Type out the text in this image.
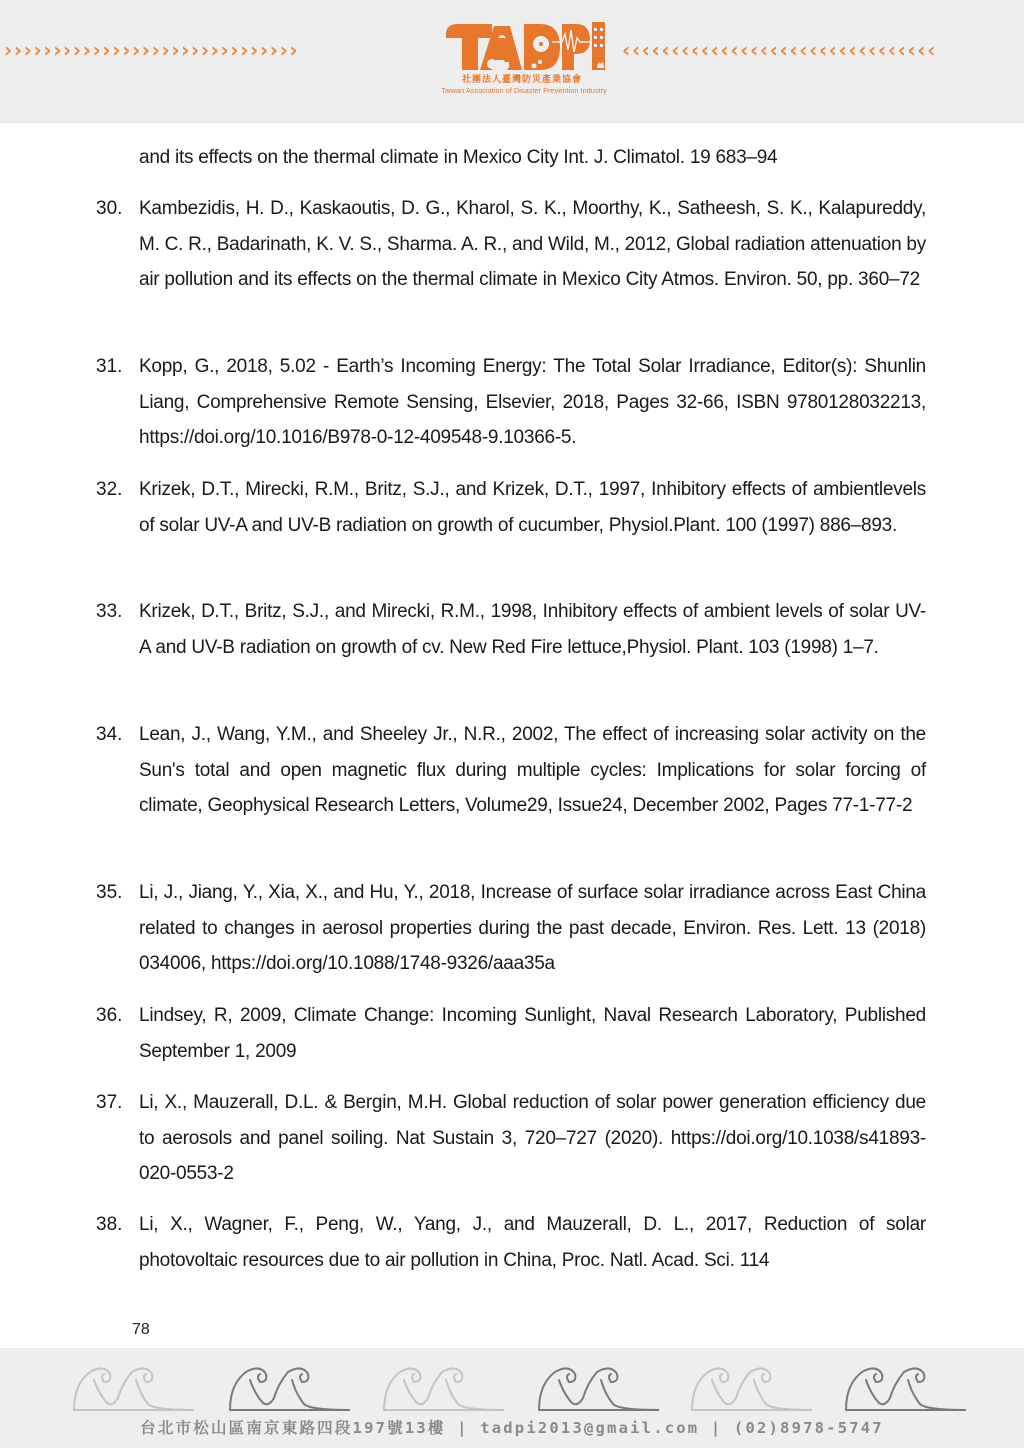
››››››››››››››››››››››››››››››
社團法人臺灣防災產業協會
Taiwan Association of Disaster Prevention Industry
‹‹‹‹‹‹‹‹‹‹‹‹‹‹‹‹‹‹‹‹‹‹‹‹‹‹‹‹‹‹‹‹
and its effects on the thermal climate in Mexico City Int. J. Climatol. 19 683–94
30. Kambezidis, H. D., Kaskaoutis, D. G., Kharol, S. K., Moorthy, K., Satheesh, S. K., Kalapureddy, M. C. R., Badarinath, K. V. S., Sharma. A. R., and Wild, M., 2012, Global radiation attenuation by air pollution and its effects on the thermal climate in Mexico City Atmos. Environ. 50, pp. 360–72
31. Kopp, G., 2018, 5.02 - Earth’s Incoming Energy: The Total Solar Irradiance, Editor(s): Shunlin Liang, Comprehensive Remote Sensing, Elsevier, 2018, Pages 32-66, ISBN 9780128032213, https://doi.org/10.1016/B978-0-12-409548-9.10366-5.
32. Krizek, D.T., Mirecki, R.M., Britz, S.J., and Krizek, D.T., 1997, Inhibitory effects of ambientlevels of solar UV-A and UV-B radiation on growth of cucumber, Physiol.Plant. 100 (1997) 886–893.
33. Krizek, D.T., Britz, S.J., and Mirecki, R.M., 1998, Inhibitory effects of ambient levels of solar UV-A and UV-B radiation on growth of cv. New Red Fire lettuce,Physiol. Plant. 103 (1998) 1–7.
34. Lean, J., Wang, Y.M., and Sheeley Jr., N.R., 2002, The effect of increasing solar activity on the Sun's total and open magnetic flux during multiple cycles: Implications for solar forcing of climate, Geophysical Research Letters, Volume29, Issue24, December 2002, Pages 77-1-77-2
35. Li, J., Jiang, Y., Xia, X., and Hu, Y., 2018, Increase of surface solar irradiance across East China related to changes in aerosol properties during the past decade, Environ. Res. Lett. 13 (2018) 034006, https://doi.org/10.1088/1748-9326/aaa35a
36. Lindsey, R, 2009, Climate Change: Incoming Sunlight, Naval Research Laboratory, Published September 1, 2009
37. Li, X., Mauzerall, D.L. & Bergin, M.H. Global reduction of solar power generation efficiency due to aerosols and panel soiling. Nat Sustain 3, 720–727 (2020). https://doi.org/10.1038/s41893-020-0553-2
38. Li, X., Wagner, F., Peng, W., Yang, J., and Mauzerall, D. L., 2017, Reduction of solar photovoltaic resources due to air pollution in China, Proc. Natl. Acad. Sci. 114
78
台北市松山區南京東路四段197號13樓 | tadpi2013@gmail.com | (02)8978-5747
